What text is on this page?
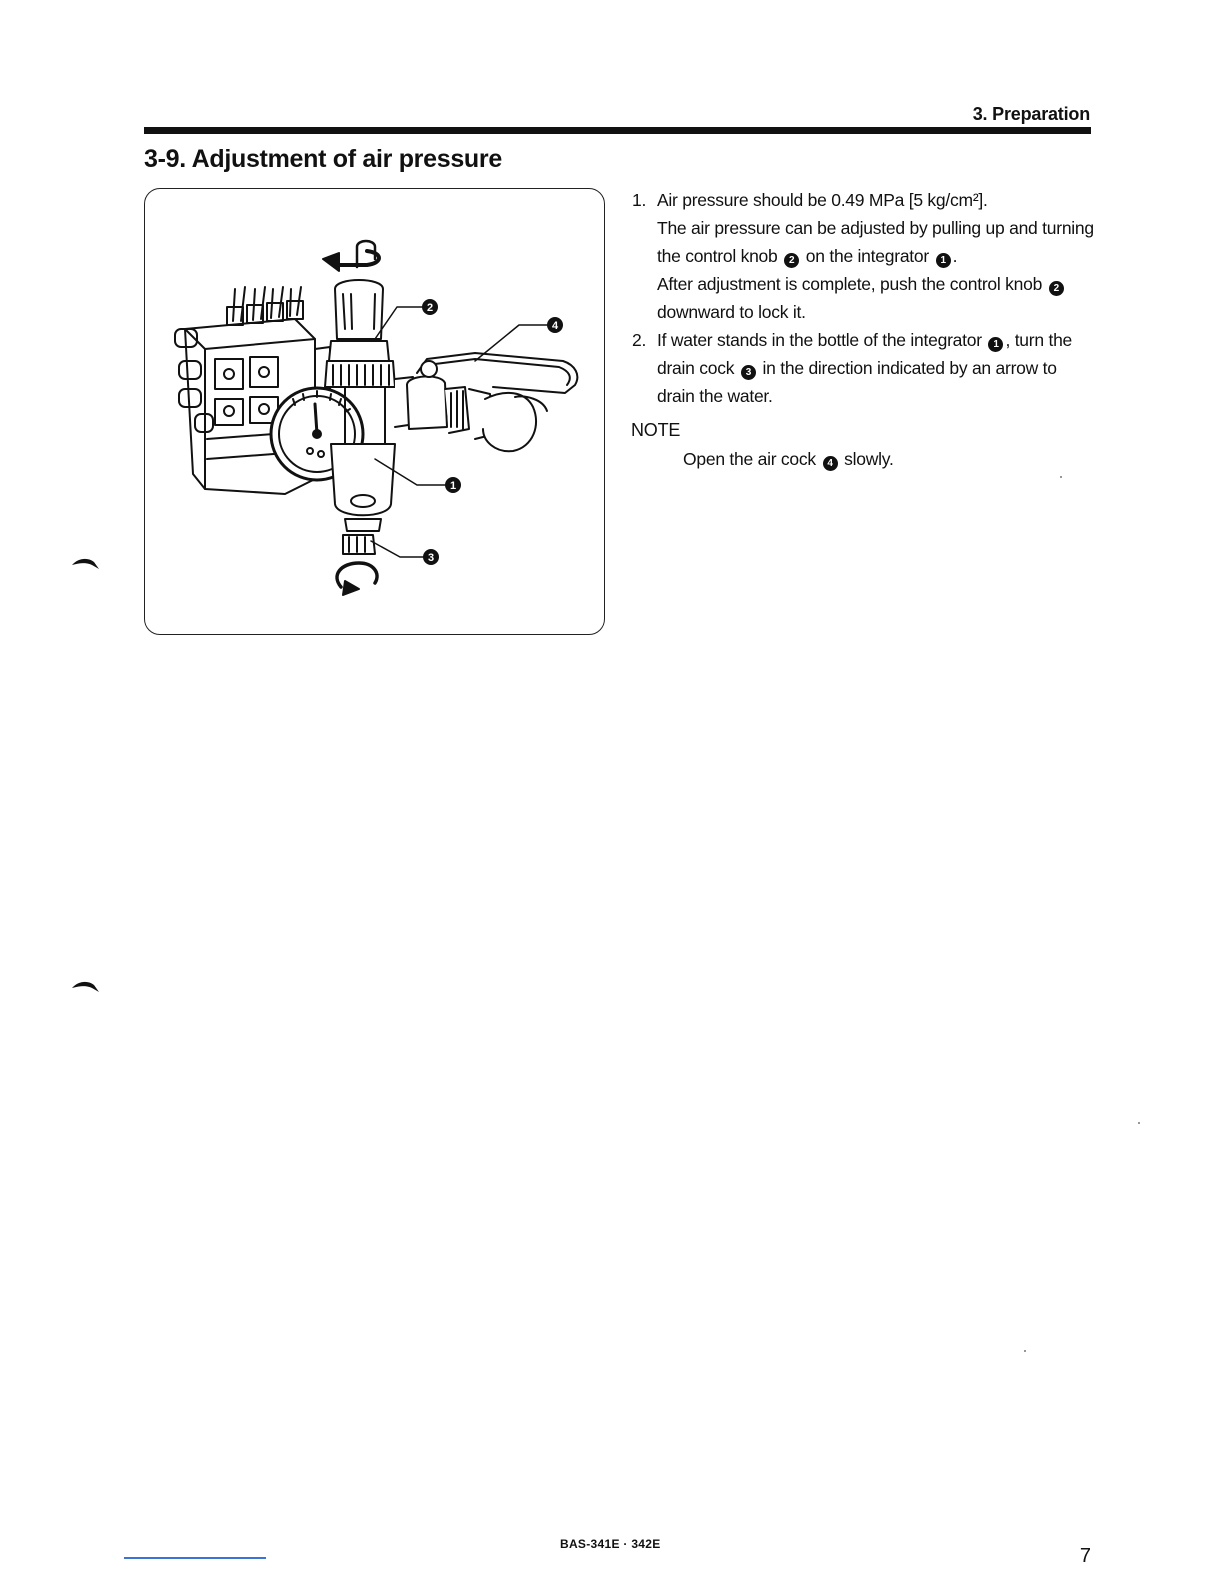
3. Preparation
3-9. Adjustment of air pressure
2
4
1
3
1. Air pressure should be 0.49 MPa [5 kg/cm²].
The air pressure can be adjusted by pulling up and turning the control knob 2 on the integrator 1 .
After adjustment is complete, push the control knob 2 downward to lock it.
2. If water stands in the bottle of the integrator 1 , turn the drain cock 3 in the direction indicated by an arrow to drain the water.
NOTE
Open the air cock 4 slowly.
BAS-341E · 342E
7
